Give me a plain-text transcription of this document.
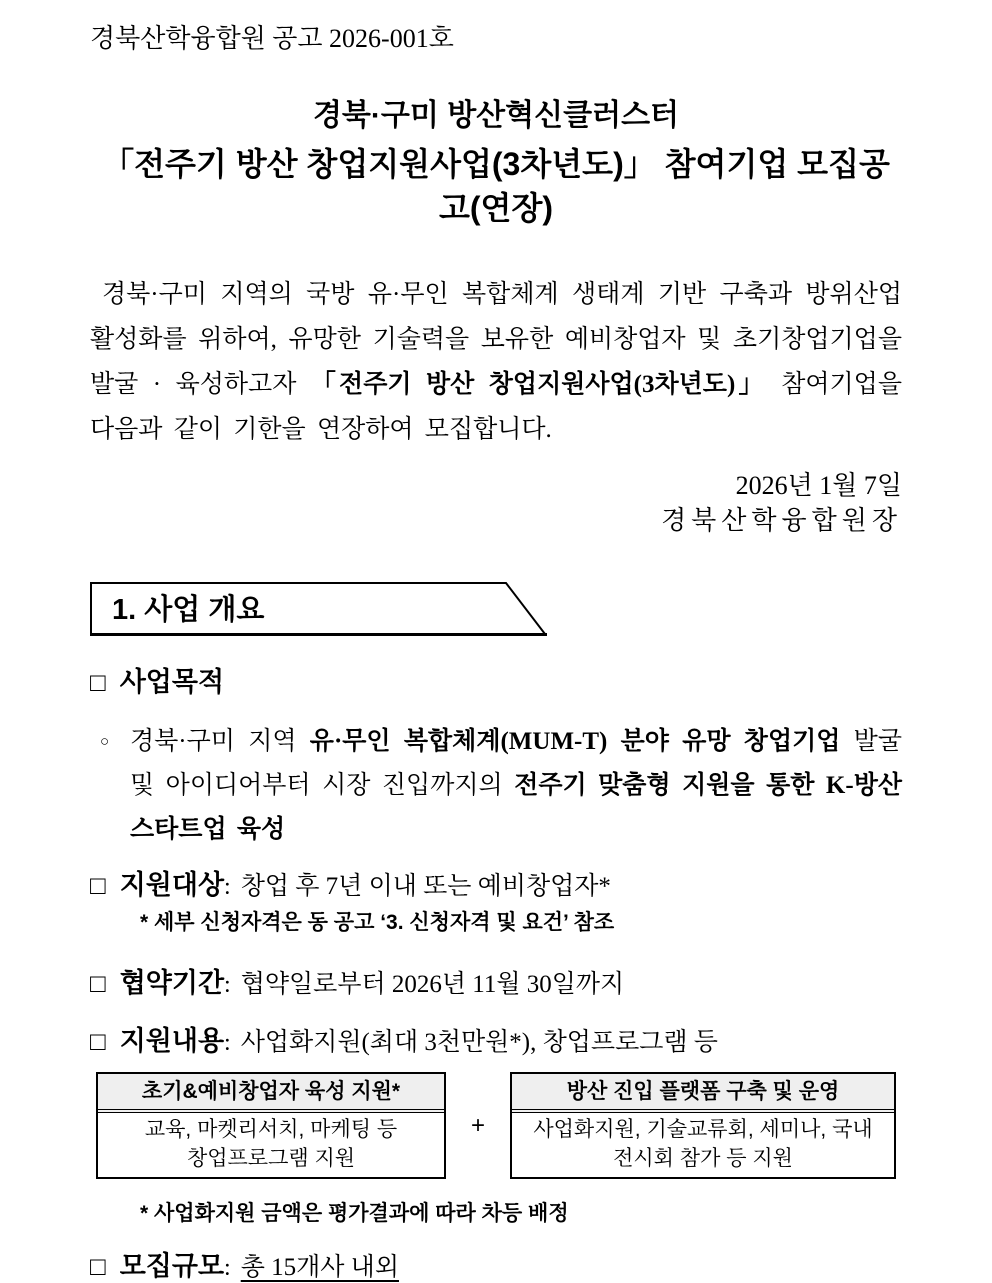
경북산학융합원 공고 2026-001호
경북·구미 방산혁신클러스터
「전주기 방산 창업지원사업(3차년도)」 참여기업 모집공고(연장)
경북·구미 지역의 국방 유·무인 복합체계 생태계 기반 구축과 방위산업 활성화를 위하여, 유망한 기술력을 보유한 예비창업자 및 초기창업기업을 발굴 · 육성하고자 「전주기 방산 창업지원사업(3차년도)」 참여기업을 다음과 같이 기한을 연장하여 모집합니다.
2026년 1월 7일
경북산학융합원장
1. 사업 개요
□ 사업목적
○ 경북·구미 지역 유·무인 복합체계(MUM-T) 분야 유망 창업기업 발굴 및 아이디어부터 시장 진입까지의 전주기 맞춤형 지원을 통한 K-방산 스타트업 육성
□ 지원대상 : 창업 후 7년 이내 또는 예비창업자*
* 세부 신청자격은 동 공고 ‘3. 신청자격 및 요건’ 참조
□ 협약기간 : 협약일로부터 2026년 11월 30일까지
□ 지원내용 : 사업화지원(최대 3천만원*), 창업프로그램 등
초기&예비창업자 육성 지원*
교육, 마켓리서치, 마케팅 등
창업프로그램 지원
+
방산 진입 플랫폼 구축 및 운영
사업화지원, 기술교류회, 세미나, 국내
전시회 참가 등 지원
* 사업화지원 금액은 평가결과에 따라 차등 배정
□ 모집규모 : 총 15개사 내외
